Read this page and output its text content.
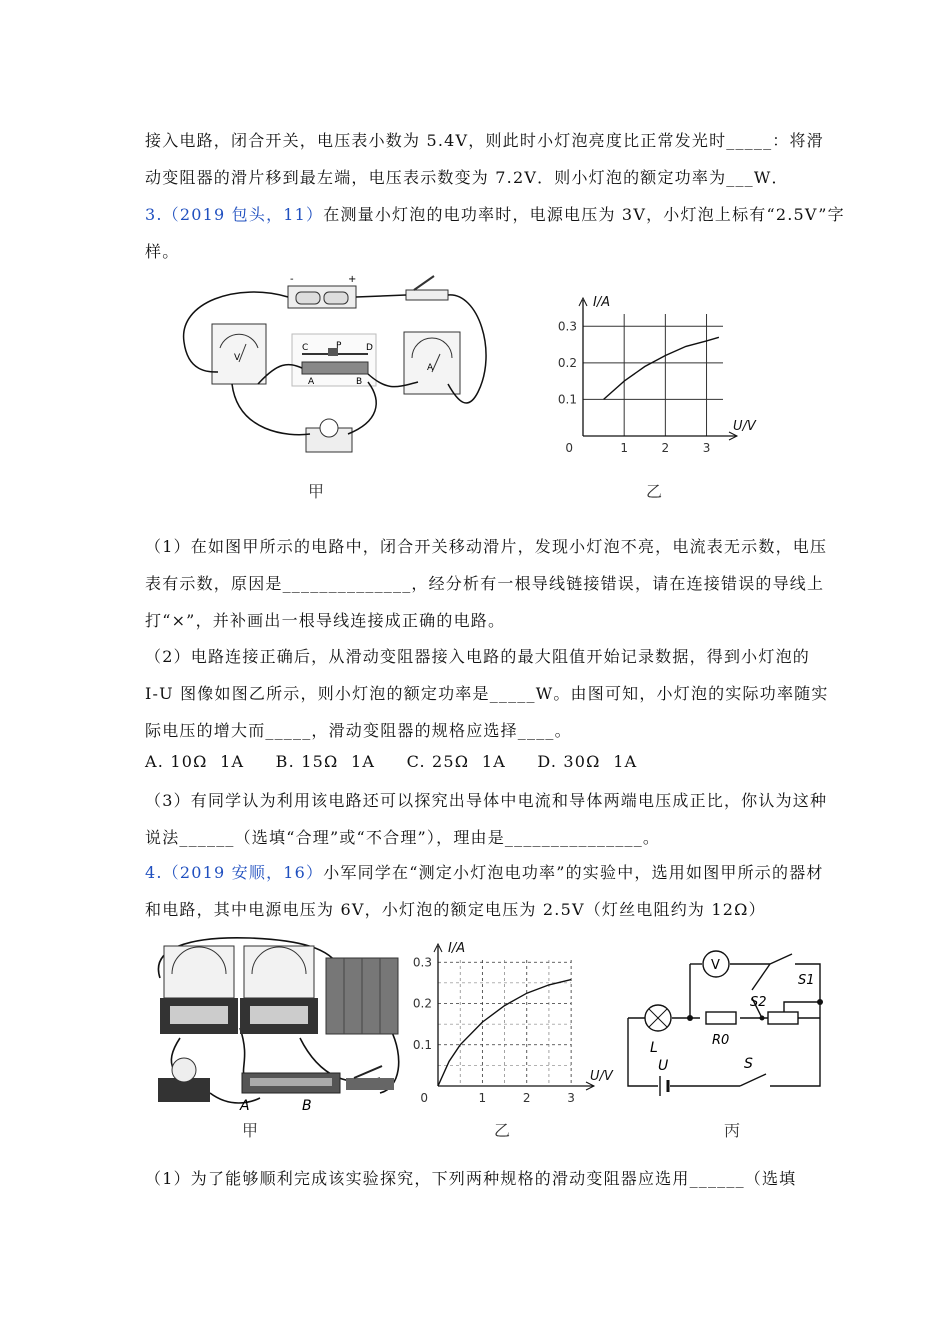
接入电路，闭合开关，电压表小数为 5.4V，则此时小灯泡亮度比正常发光时_____：将滑
动变阻器的滑片移到最左端，电压表示数变为 7.2V．则小灯泡的额定功率为___W．
3.（2019 包头，11）在测量小灯泡的电功率时，电源电压为 3V，小灯泡上标有“2.5V”字
样。
-	+
V
A
C	P	D
A	B
甲
0.3
0.2
0.1
1	2	3
0
I/A
U/V
乙
（1）在如图甲所示的电路中，闭合开关移动滑片，发现小灯泡不亮，电流表无示数，电压
表有示数，原因是______________，经分析有一根导线链接错误，请在连接错误的导线上
打“×”，并补画出一根导线连接成正确的电路。
（2）电路连接正确后，从滑动变阻器接入电路的最大阻值开始记录数据，得到小灯泡的
I-U 图像如图乙所示，则小灯泡的额定功率是_____W。由图可知，小灯泡的实际功率随实
际电压的增大而_____，滑动变阻器的规格应选择____。
A. 10Ω  1A     B. 15Ω  1A     C. 25Ω  1A     D. 30Ω  1A
（3）有同学认为利用该电路还可以探究出导体中电流和导体两端电压成正比，你认为这种
说法______（选填“合理”或“不合理”），理由是_______________。
4.（2019 安顺，16）小军同学在“测定小灯泡电功率”的实验中，选用如图甲所示的器材
和电路，其中电源电压为 6V，小灯泡的额定电压为 2.5V（灯丝电阻约为 12Ω）
A	B
甲
0.3
0.2
0.1
1	2	3
0
I/A
U/V
乙
V
S1
S2
L	R0
U	S
丙
（1）为了能够顺利完成该实验探究，下列两种规格的滑动变阻器应选用______（选填
